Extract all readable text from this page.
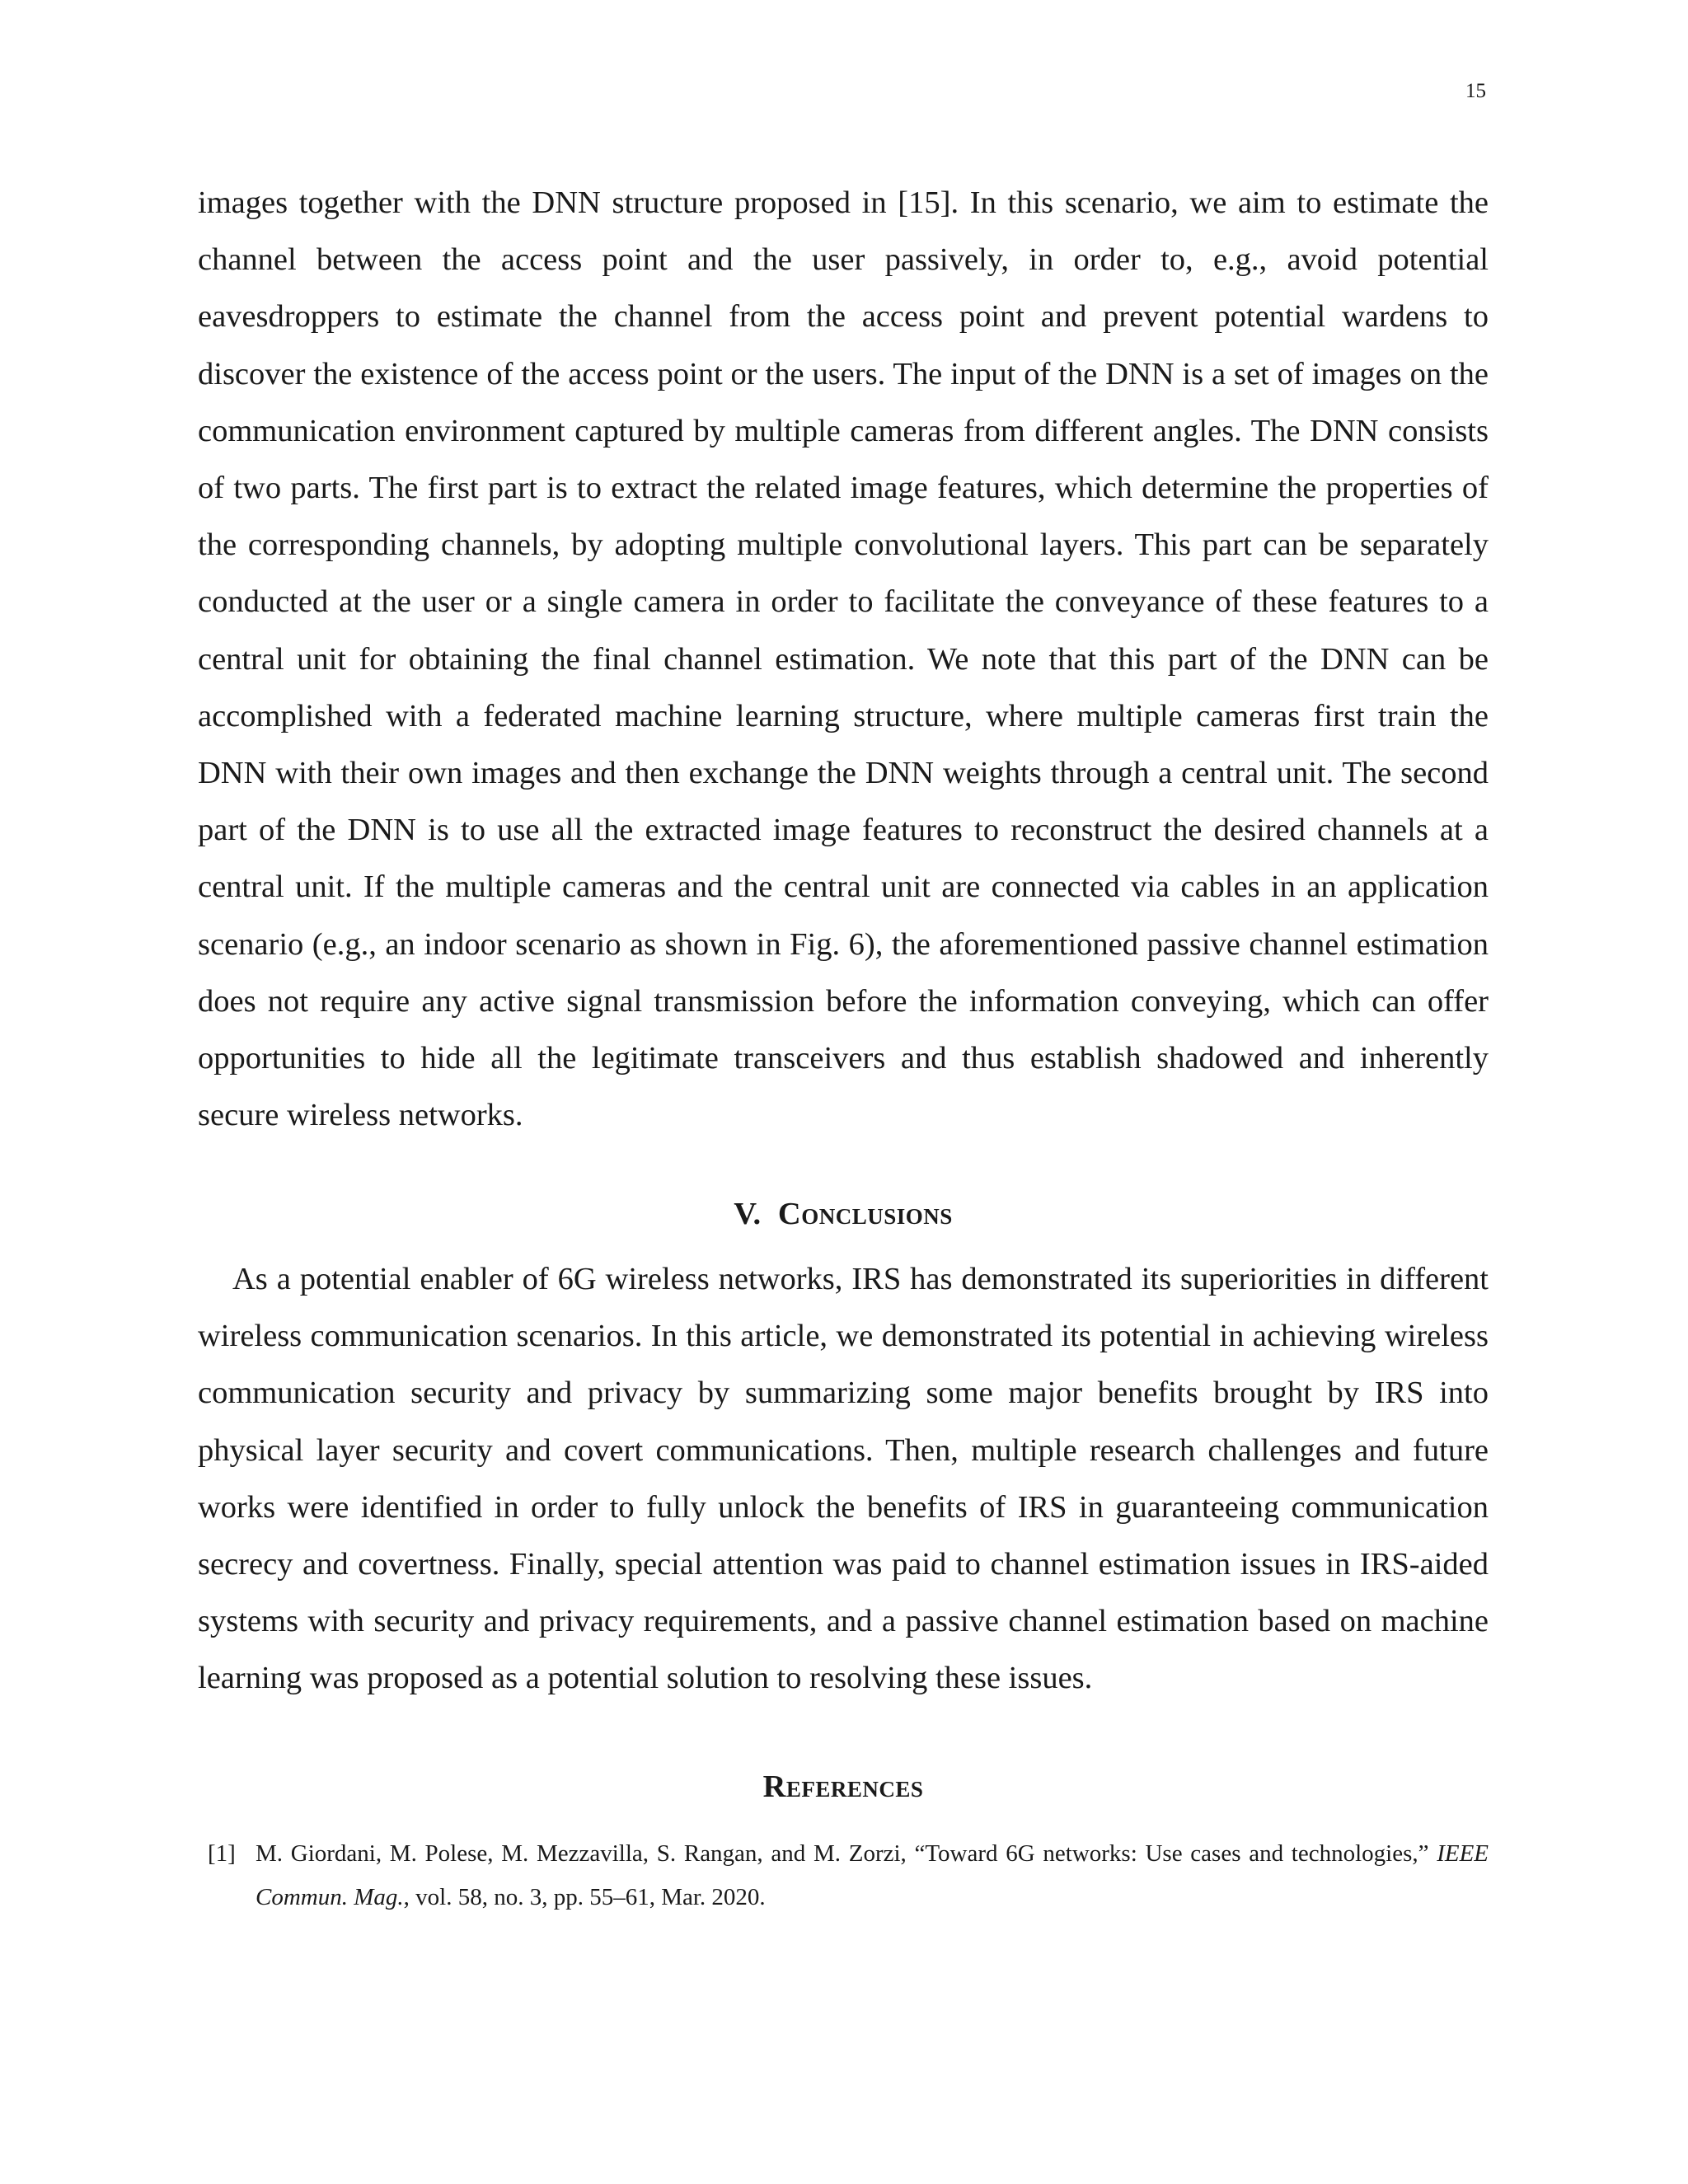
15

images together with the DNN structure proposed in [15]. In this scenario, we aim to estimate the channel between the access point and the user passively, in order to, e.g., avoid potential eavesdroppers to estimate the channel from the access point and prevent potential wardens to discover the existence of the access point or the users. The input of the DNN is a set of images on the communication environment captured by multiple cameras from different angles. The DNN consists of two parts. The first part is to extract the related image features, which determine the properties of the corresponding channels, by adopting multiple convolutional layers. This part can be separately conducted at the user or a single camera in order to facilitate the conveyance of these features to a central unit for obtaining the final channel estimation. We note that this part of the DNN can be accomplished with a federated machine learning structure, where multiple cameras first train the DNN with their own images and then exchange the DNN weights through a central unit. The second part of the DNN is to use all the extracted image features to reconstruct the desired channels at a central unit. If the multiple cameras and the central unit are connected via cables in an application scenario (e.g., an indoor scenario as shown in Fig. 6), the aforementioned passive channel estimation does not require any active signal transmission before the information conveying, which can offer opportunities to hide all the legitimate transceivers and thus establish shadowed and inherently secure wireless networks.

V. Conclusions

As a potential enabler of 6G wireless networks, IRS has demonstrated its superiorities in different wireless communication scenarios. In this article, we demonstrated its potential in achieving wireless communication security and privacy by summarizing some major benefits brought by IRS into physical layer security and covert communications. Then, multiple research challenges and future works were identified in order to fully unlock the benefits of IRS in guaranteeing communication secrecy and covertness. Finally, special attention was paid to channel estimation issues in IRS-aided systems with security and privacy requirements, and a passive channel estimation based on machine learning was proposed as a potential solution to resolving these issues.

References
[1] M. Giordani, M. Polese, M. Mezzavilla, S. Rangan, and M. Zorzi, “Toward 6G networks: Use cases and technologies,” IEEE Commun. Mag., vol. 58, no. 3, pp. 55–61, Mar. 2020.
